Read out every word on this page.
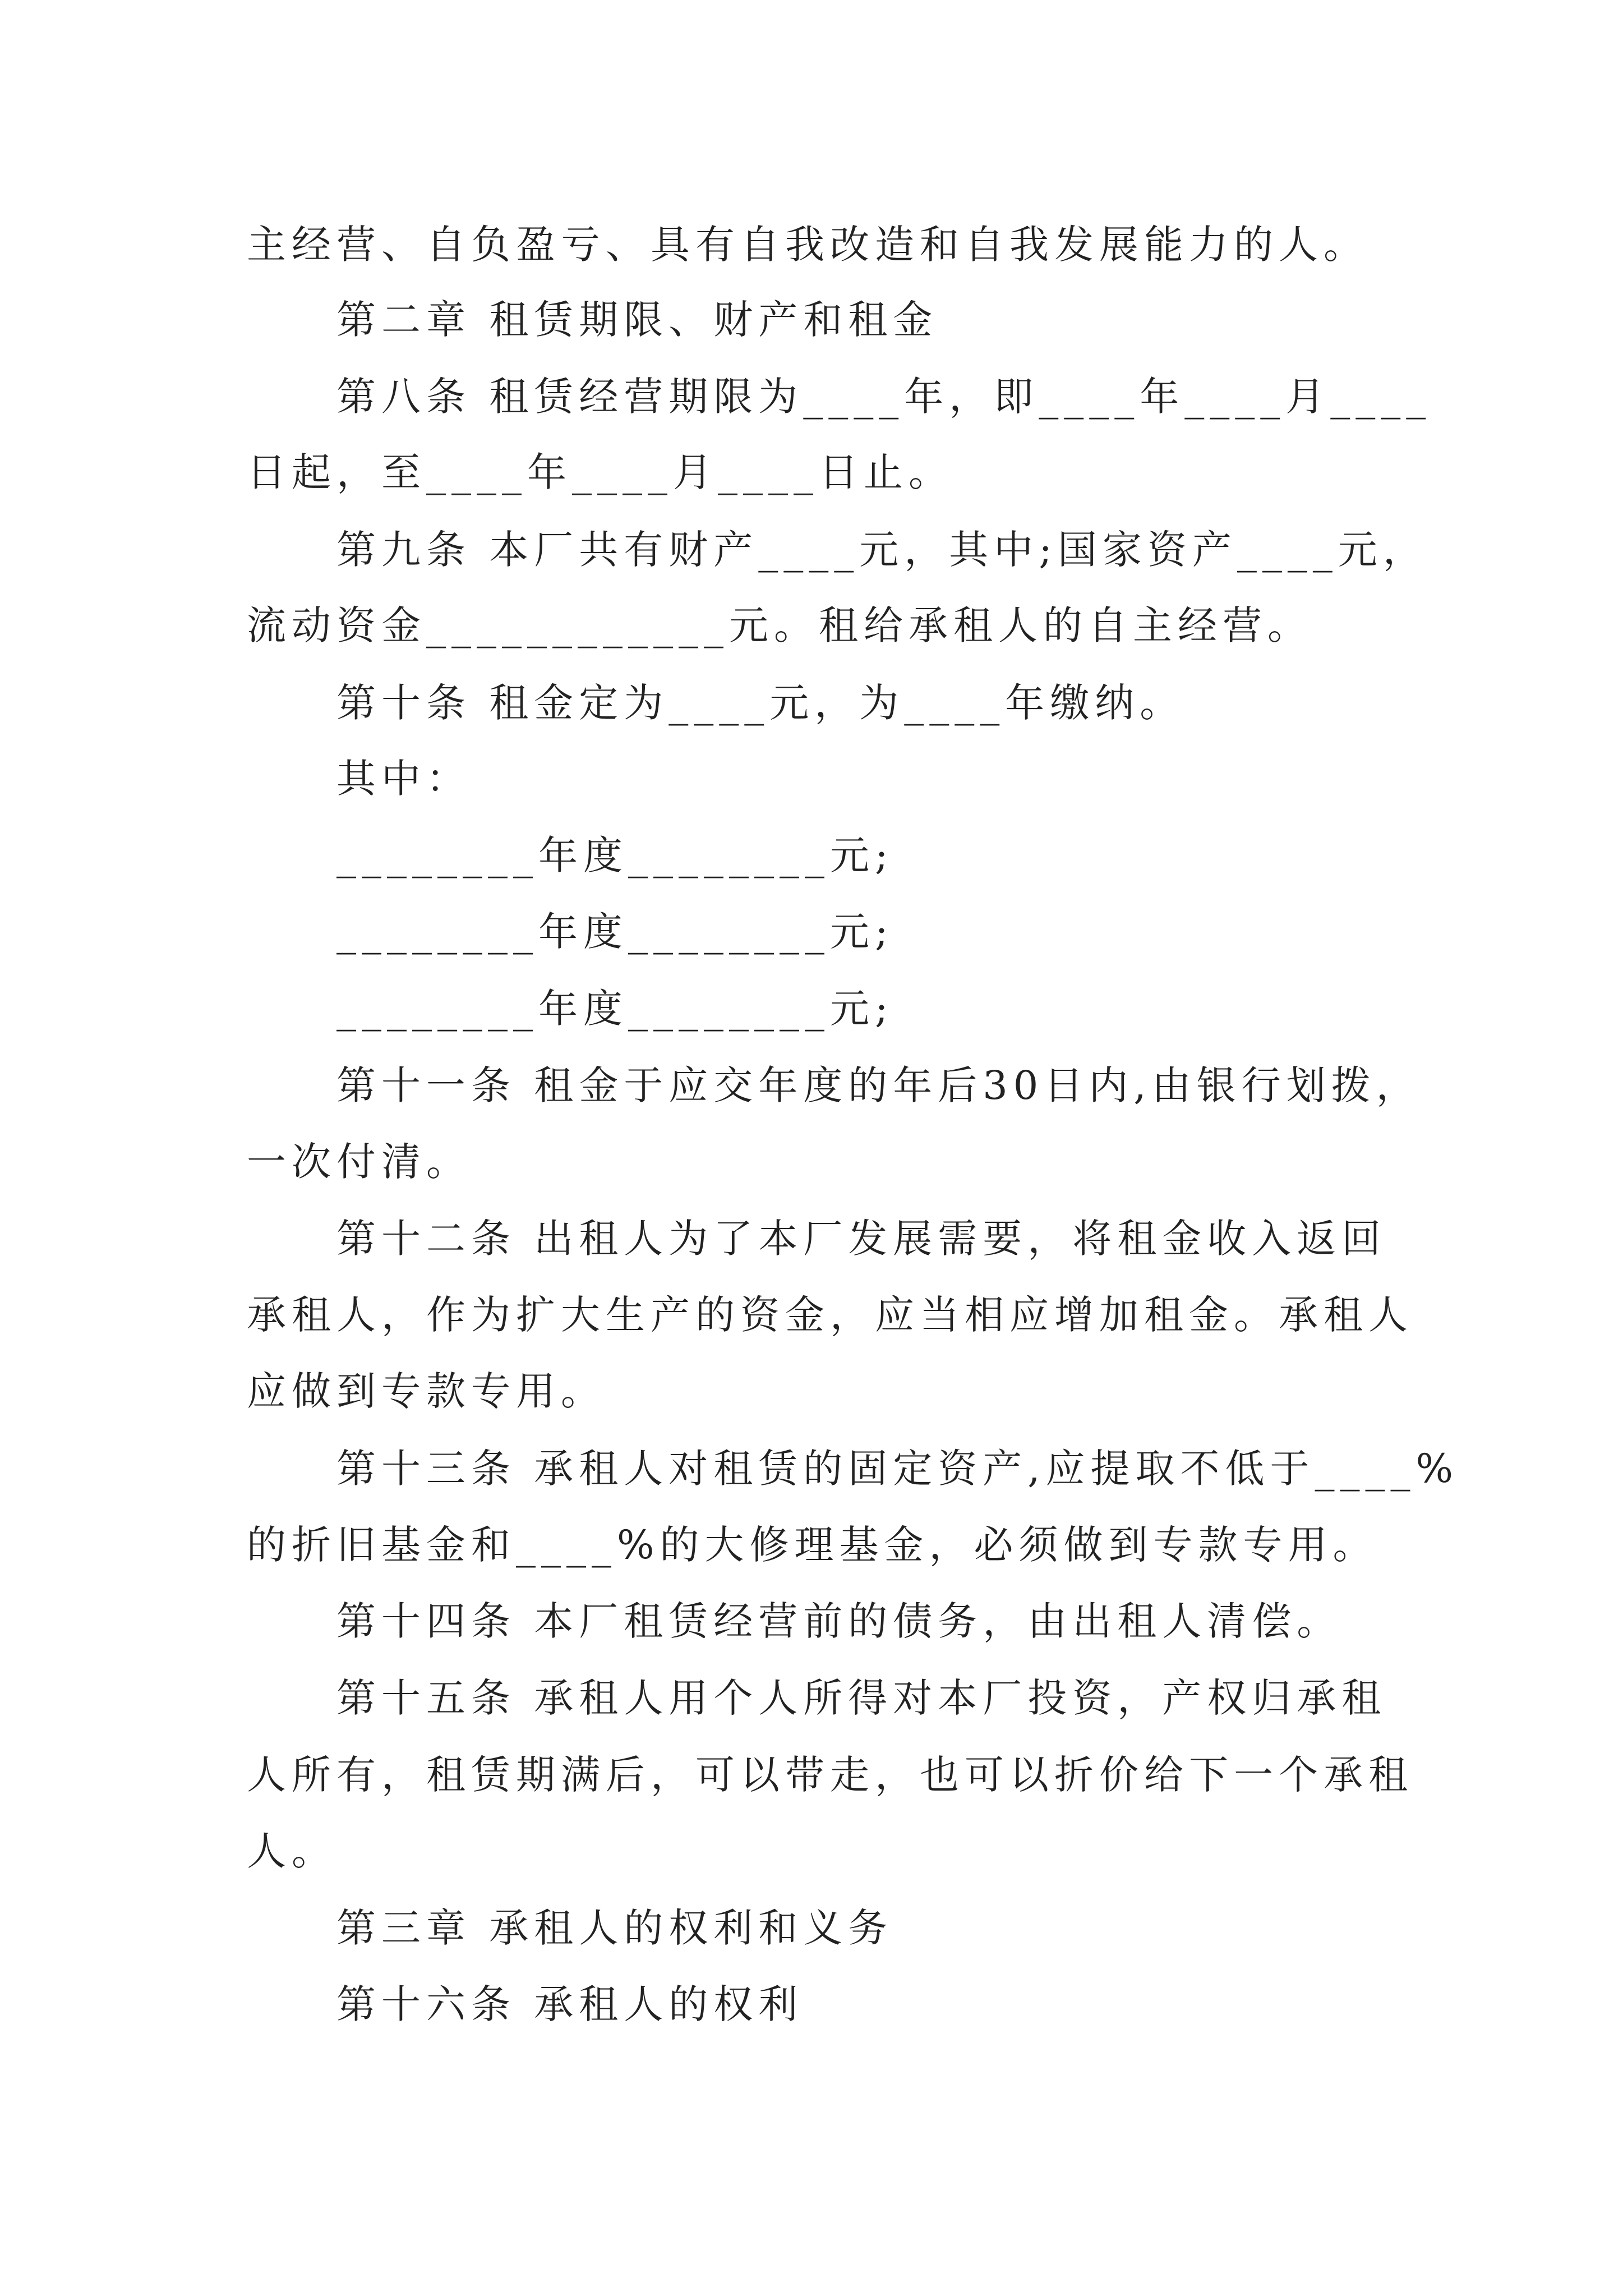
主经营、自负盈亏、具有自我改造和自我发展能力的人。
第二章 租赁期限、财产和租金
第八条 租赁经营期限为____年，即____年____月____
日起，至____年____月____日止。
第九条 本厂共有财产____元，其中;国家资产____元，
流动资金____________元。租给承租人的自主经营。
第十条 租金定为____元，为____年缴纳。
其中：
________年度________元;
________年度________元;
________年度________元;
第十一条 租金于应交年度的年后30日内,由银行划拨，
一次付清。
第十二条 出租人为了本厂发展需要，将租金收入返回
承租人，作为扩大生产的资金，应当相应增加租金。承租人
应做到专款专用。
第十三条 承租人对租赁的固定资产,应提取不低于____%
的折旧基金和____%的大修理基金，必须做到专款专用。
第十四条 本厂租赁经营前的债务，由出租人清偿。
第十五条 承租人用个人所得对本厂投资，产权归承租
人所有，租赁期满后，可以带走，也可以折价给下一个承租
人。
第三章 承租人的权利和义务
第十六条 承租人的权利
